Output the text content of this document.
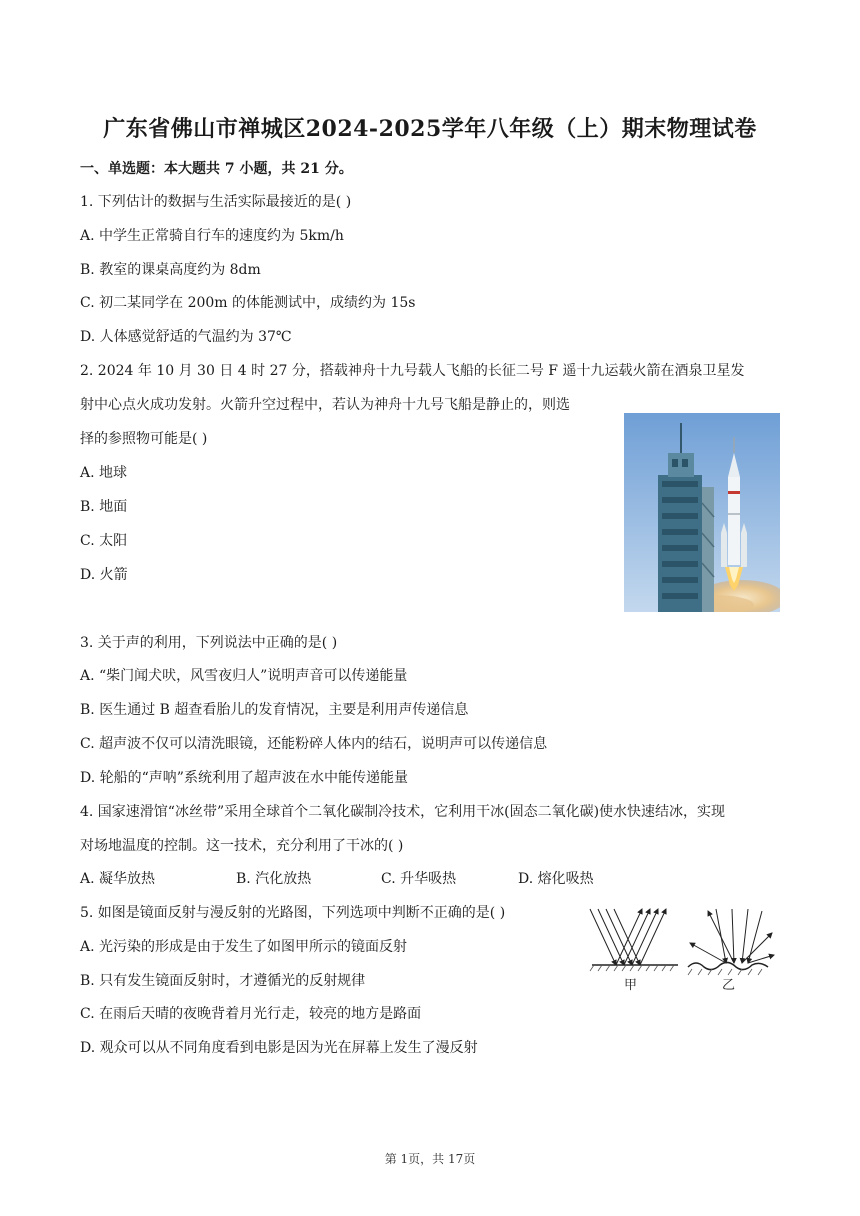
广东省佛山市禅城区2024-2025学年八年级（上）期末物理试卷
一、单选题：本大题共 7 小题，共 21 分。
1. 下列估计的数据与生活实际最接近的是( )
A. 中学生正常骑自行车的速度约为 5km/h
B. 教室的课桌高度约为 8dm
C. 初二某同学在 200m 的体能测试中，成绩约为 15s
D. 人体感觉舒适的气温约为 37℃
2. 2024 年 10 月 30 日 4 时 27 分，搭载神舟十九号载人飞船的长征二号 F 遥十九运载火箭在酒泉卫星发
射中心点火成功发射。火箭升空过程中，若认为神舟十九号飞船是静止的，则选
择的参照物可能是( )
A. 地球
B. 地面
C. 太阳
D. 火箭
3. 关于声的利用，下列说法中正确的是( )
A. “柴门闻犬吠，风雪夜归人”说明声音可以传递能量
B. 医生通过 B 超查看胎儿的发育情况，主要是利用声传递信息
C. 超声波不仅可以清洗眼镜，还能粉碎人体内的结石，说明声可以传递信息
D. 轮船的“声呐”系统利用了超声波在水中能传递能量
4. 国家速滑馆“冰丝带”采用全球首个二氧化碳制冷技术，它利用干冰(固态二氧化碳)使水快速结冰，实现
对场地温度的控制。这一技术，充分利用了干冰的( )
A. 凝华放热	B. 汽化放热	C. 升华吸热	D. 熔化吸热
5. 如图是镜面反射与漫反射的光路图，下列选项中判断不正确的是( )
A. 光污染的形成是由于发生了如图甲所示的镜面反射
B. 只有发生镜面反射时，才遵循光的反射规律
C. 在雨后天晴的夜晚背着月光行走，较亮的地方是路面
D. 观众可以从不同角度看到电影是因为光在屏幕上发生了漫反射
甲	乙
第 1页，共 17页
